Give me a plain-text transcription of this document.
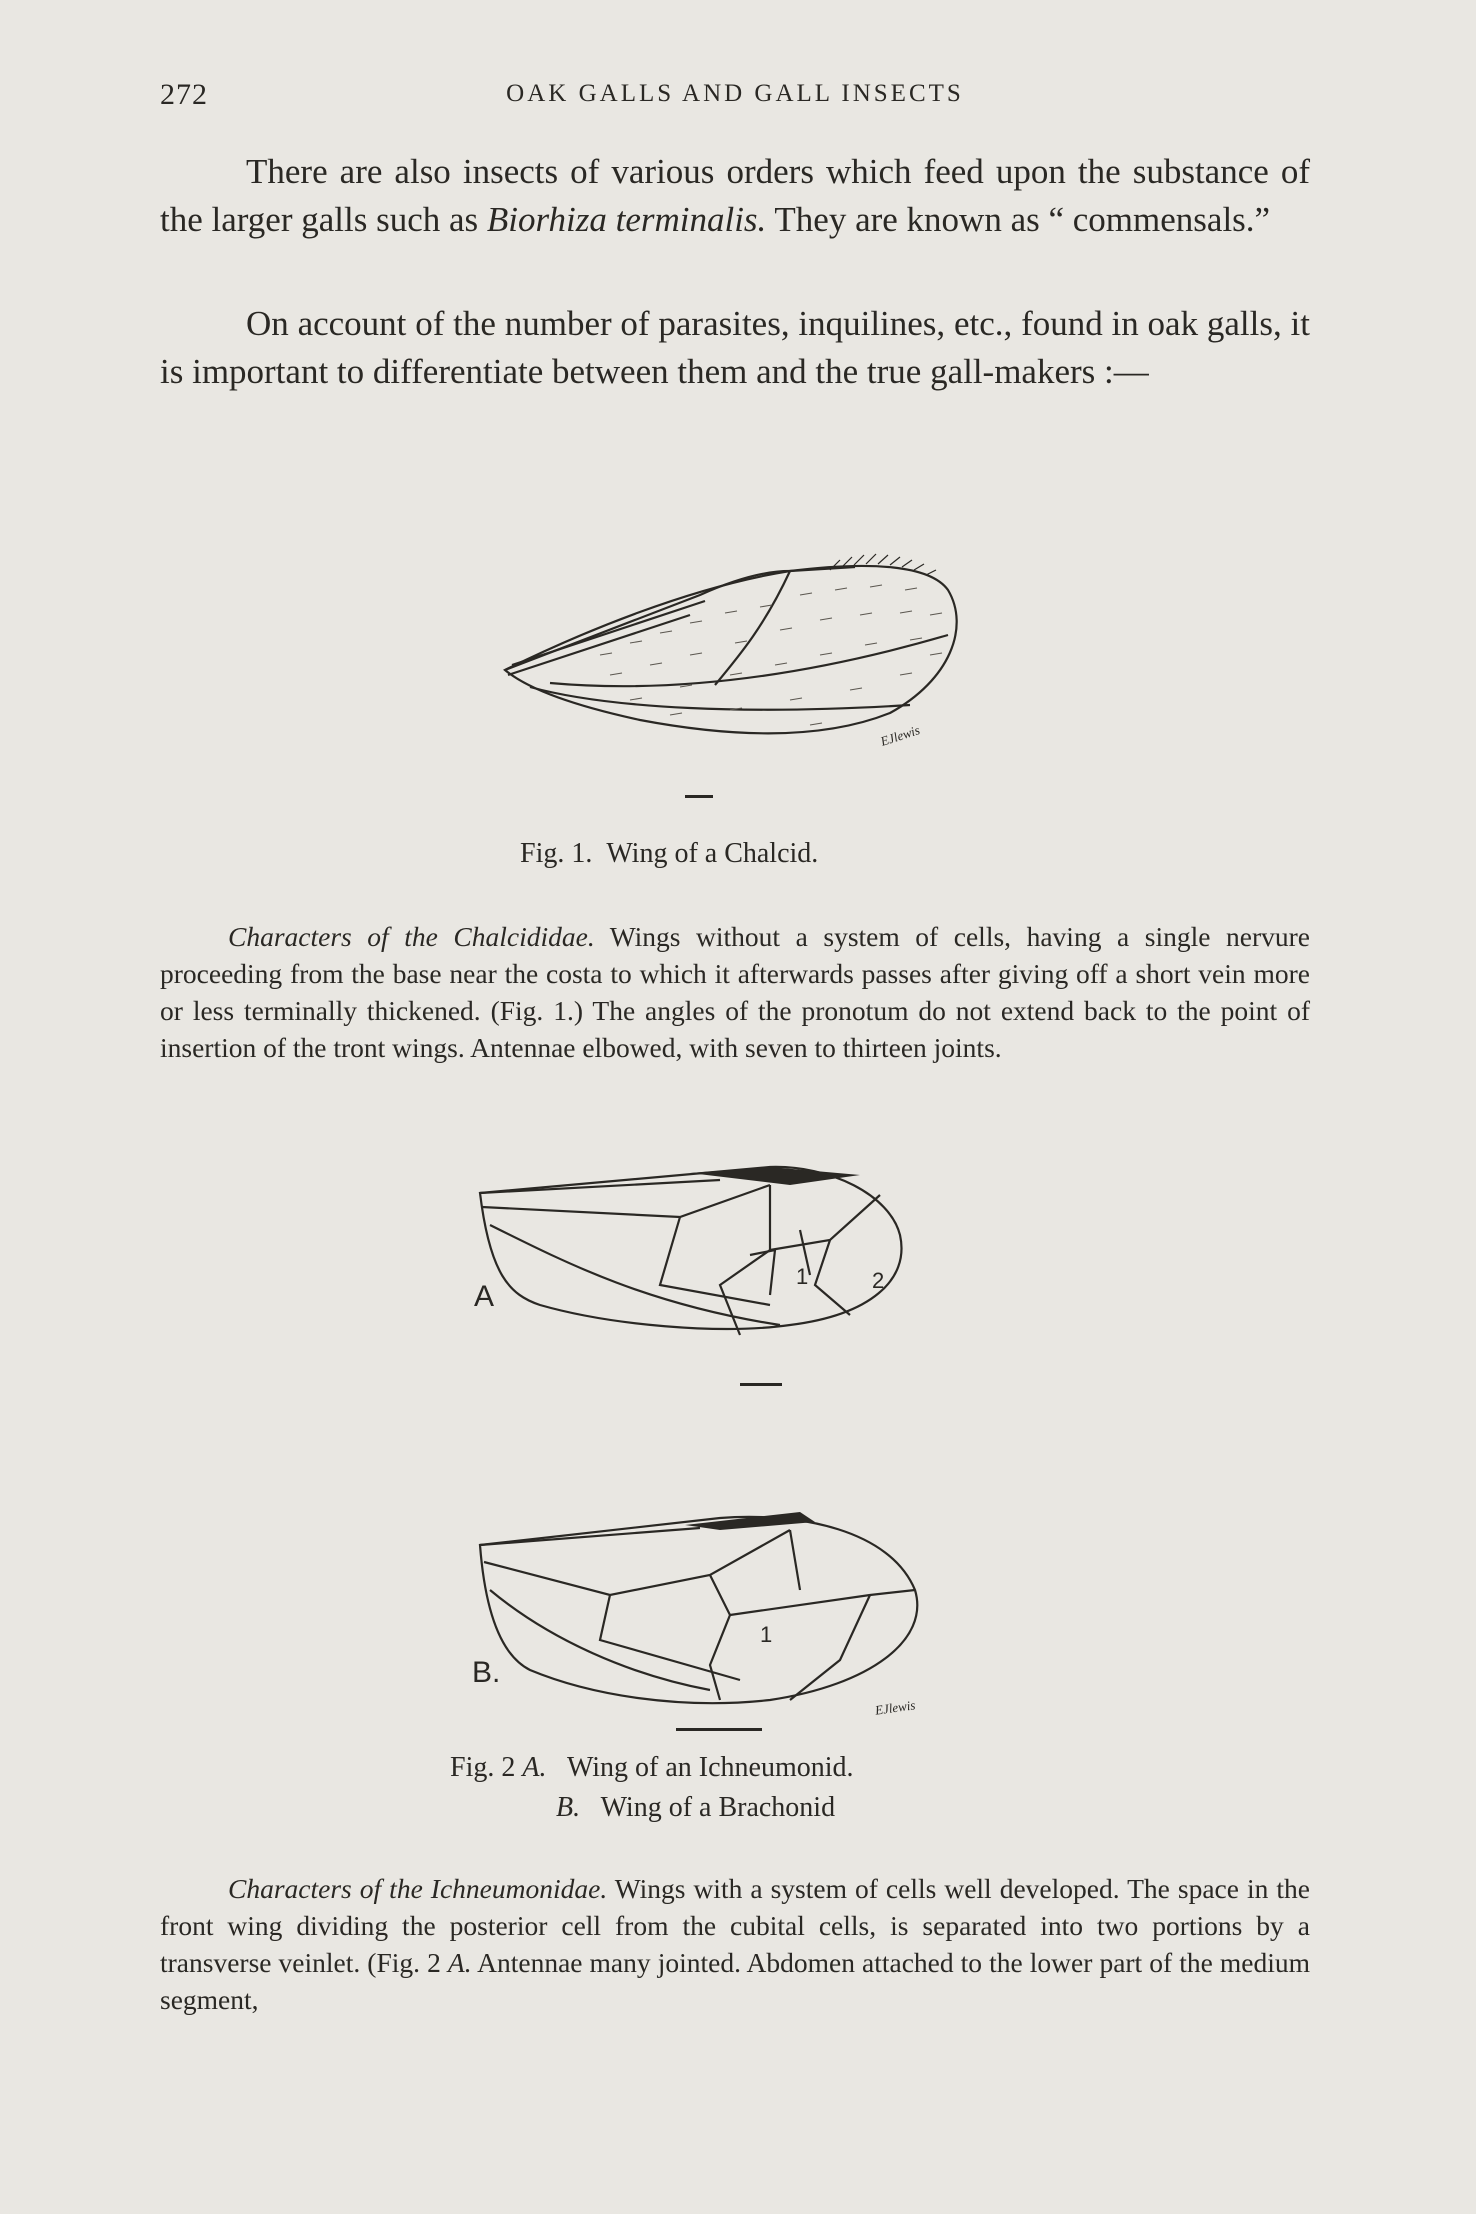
272	OAK GALLS AND GALL INSECTS

There are also insects of various orders which feed upon the substance of the larger galls such as Biorhiza terminalis. They are known as “ commensals.”

On account of the number of parasites, inquilines, etc., found in oak galls, it is important to differentiate between them and the true gall-makers :—

EJlewis
Fig. 1. Wing of a Chalcid.

Characters of the Chalcididae. Wings without a system of cells, having a single nervure proceeding from the base near the costa to which it afterwards passes after giving off a short vein more or less terminally thickened. (Fig. 1.) The angles of the pronotum do not extend back to the point of insertion of the tront wings. Antennae elbowed, with seven to thirteen joints.

A
1	2
B.
1
EJlewis
Fig. 2 A. Wing of an Ichneumonid.
B. Wing of a Brachonid

Characters of the Ichneumonidae. Wings with a system of cells well developed. The space in the front wing dividing the posterior cell from the cubital cells, is separated into two portions by a transverse veinlet. (Fig. 2 A. Antennae many jointed. Abdomen attached to the lower part of the medium segment,
